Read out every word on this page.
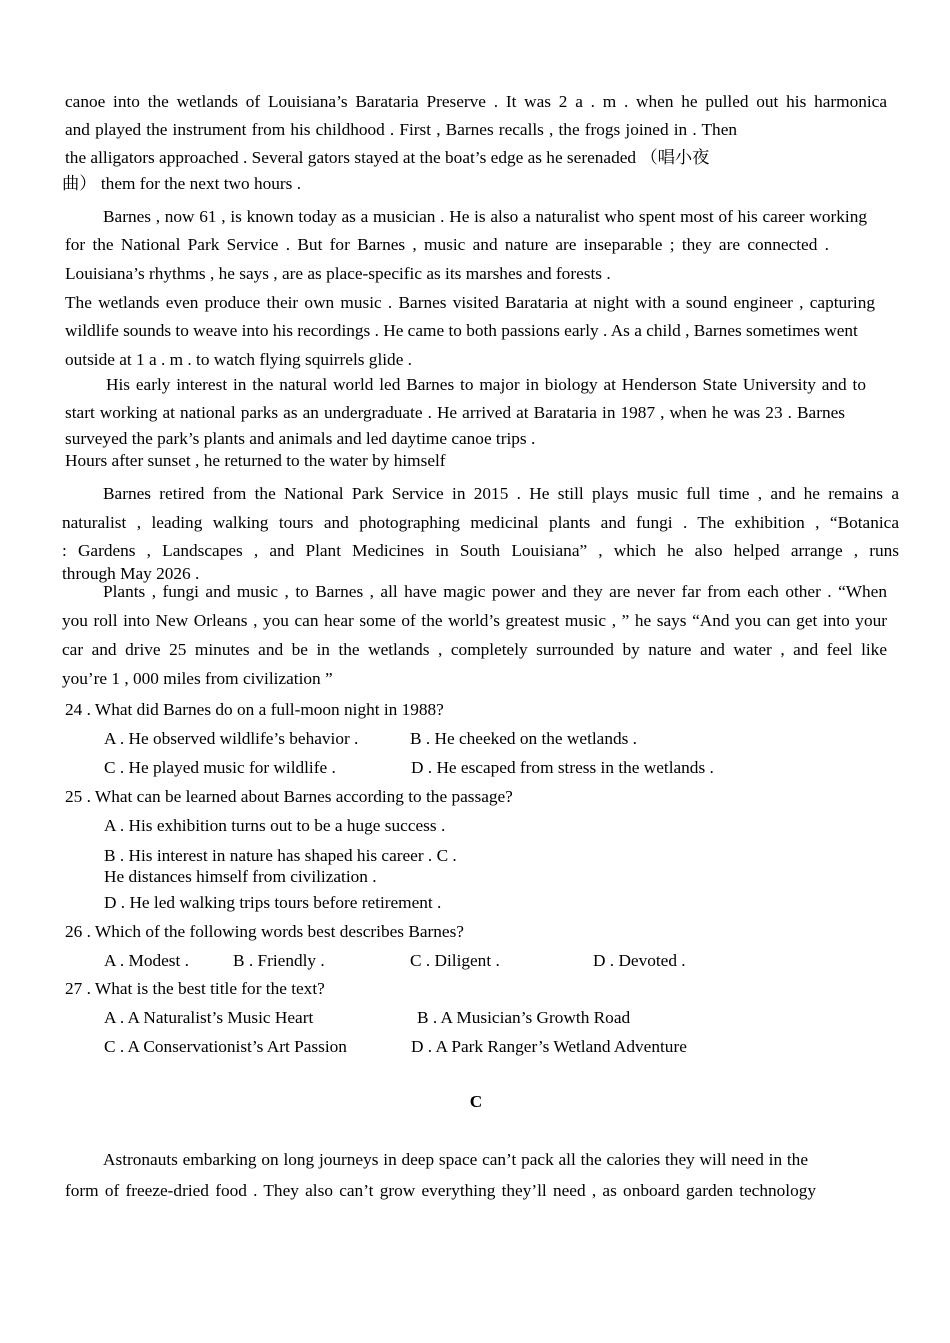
canoe into the wetlands of Louisiana’s Barataria Preserve . It was 2 a . m . when he pulled out his harmonica
and played the instrument from his childhood . First , Barnes recalls , the frogs joined in . Then
the alligators approached . Several gators stayed at the boat’s edge as he serenaded （唱小夜
曲） them for the next two hours .
Barnes , now 61 , is known today as a musician . He is also a naturalist who spent most of his career working
for the National Park Service . But for Barnes , music and nature are inseparable ; they are connected .
Louisiana’s rhythms , he says , are as place-specific as its marshes and forests .
The wetlands even produce their own music . Barnes visited Barataria at night with a sound engineer , capturing
wildlife sounds to weave into his recordings . He came to both passions early . As a child , Barnes sometimes went
outside at 1 a . m . to watch flying squirrels glide .
His early interest in the natural world led Barnes to major in biology at Henderson State University and to
start working at national parks as an undergraduate . He arrived at Barataria in 1987 , when he was 23 . Barnes
surveyed the park’s plants and animals and led daytime canoe trips .
Hours after sunset , he returned to the water by himself
Barnes retired from the National Park Service in 2015 . He still plays music full time , and he remains a
naturalist , leading walking tours and photographing medicinal plants and fungi . The exhibition , “Botanica
: Gardens , Landscapes , and Plant Medicines in South Louisiana” , which he also helped arrange , runs
through May 2026 .
Plants , fungi and music , to Barnes , all have magic power and they are never far from each other . “When
you roll into New Orleans , you can hear some of the world’s greatest music , ” he says “And you can get into your
car and drive 25 minutes and be in the wetlands , completely surrounded by nature and water , and feel like
you’re 1 , 000 miles from civilization ”
24 . What did Barnes do on a full-moon night in 1988?
A . He observed wildlife’s behavior .	B . He cheeked on the wetlands .
C . He played music for wildlife .	D . He escaped from stress in the wetlands .
25 . What can be learned about Barnes according to the passage?
A . His exhibition turns out to be a huge success .
B . His interest in nature has shaped his career . C .
He distances himself from civilization .
D . He led walking trips tours before retirement .
26 . Which of the following words best describes Barnes?
A . Modest .	B . Friendly .	C . Diligent .	D . Devoted .
27 . What is the best title for the text?
A . A Naturalist’s Music Heart	B . A Musician’s Growth Road
C . A Conservationist’s Art Passion	D . A Park Ranger’s Wetland Adventure
C
Astronauts embarking on long journeys in deep space can’t pack all the calories they will need in the
form of freeze-dried food . They also can’t grow everything they’ll need , as onboard garden technology
